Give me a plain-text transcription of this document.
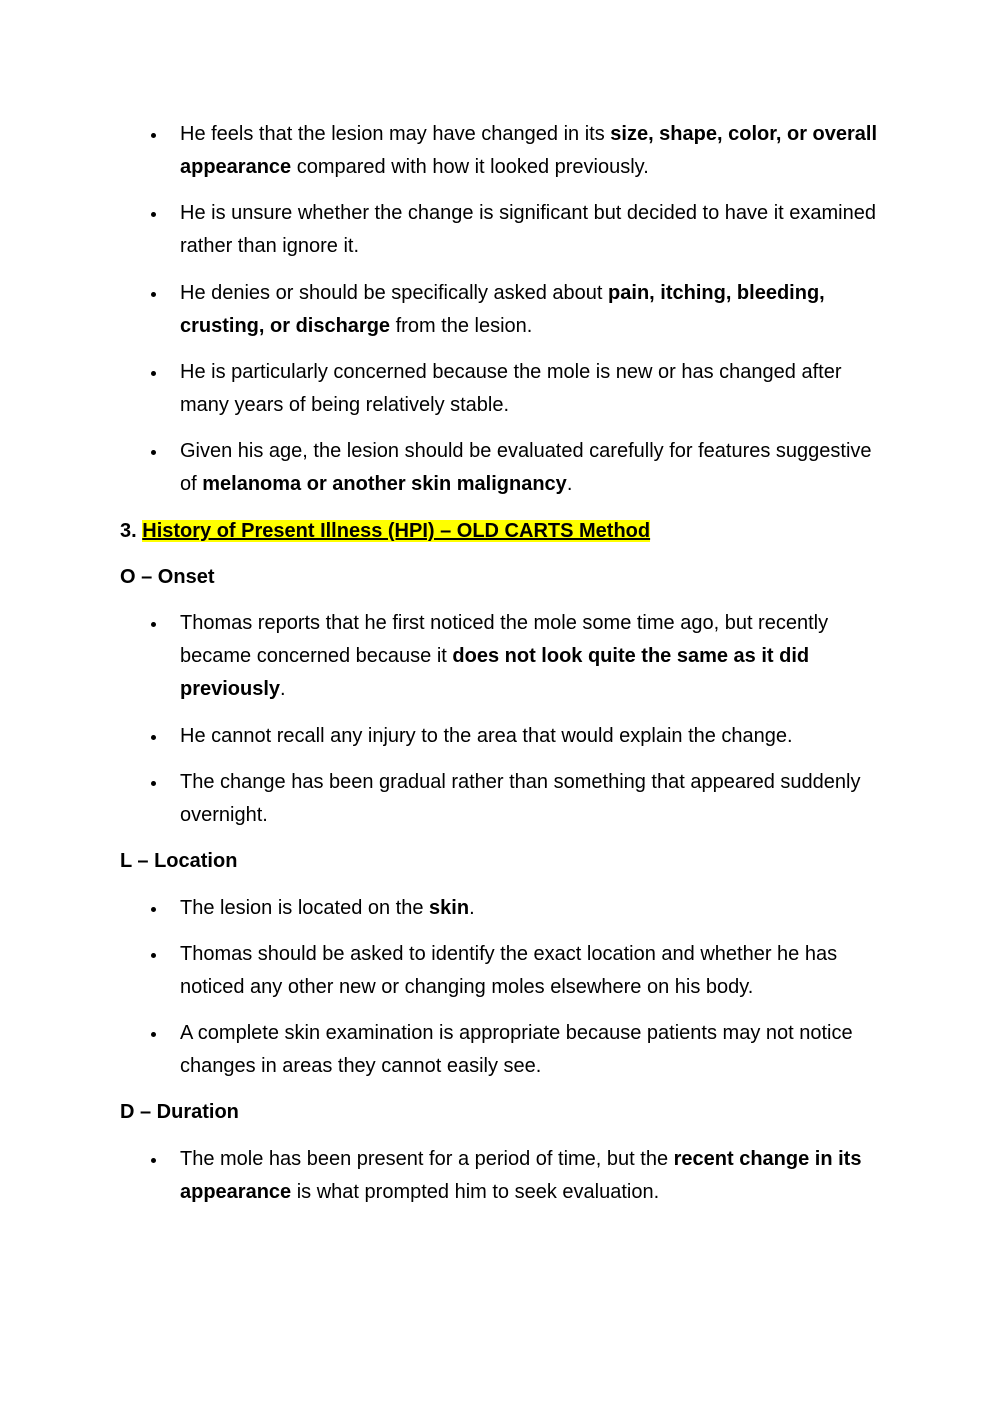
He feels that the lesion may have changed in its size, shape, color, or overall appearance compared with how it looked previously.
He is unsure whether the change is significant but decided to have it examined rather than ignore it.
He denies or should be specifically asked about pain, itching, bleeding, crusting, or discharge from the lesion.
He is particularly concerned because the mole is new or has changed after many years of being relatively stable.
Given his age, the lesion should be evaluated carefully for features suggestive of melanoma or another skin malignancy.
3. History of Present Illness (HPI) – OLD CARTS Method
O – Onset
Thomas reports that he first noticed the mole some time ago, but recently became concerned because it does not look quite the same as it did previously.
He cannot recall any injury to the area that would explain the change.
The change has been gradual rather than something that appeared suddenly overnight.
L – Location
The lesion is located on the skin.
Thomas should be asked to identify the exact location and whether he has noticed any other new or changing moles elsewhere on his body.
A complete skin examination is appropriate because patients may not notice changes in areas they cannot easily see.
D – Duration
The mole has been present for a period of time, but the recent change in its appearance is what prompted him to seek evaluation.
